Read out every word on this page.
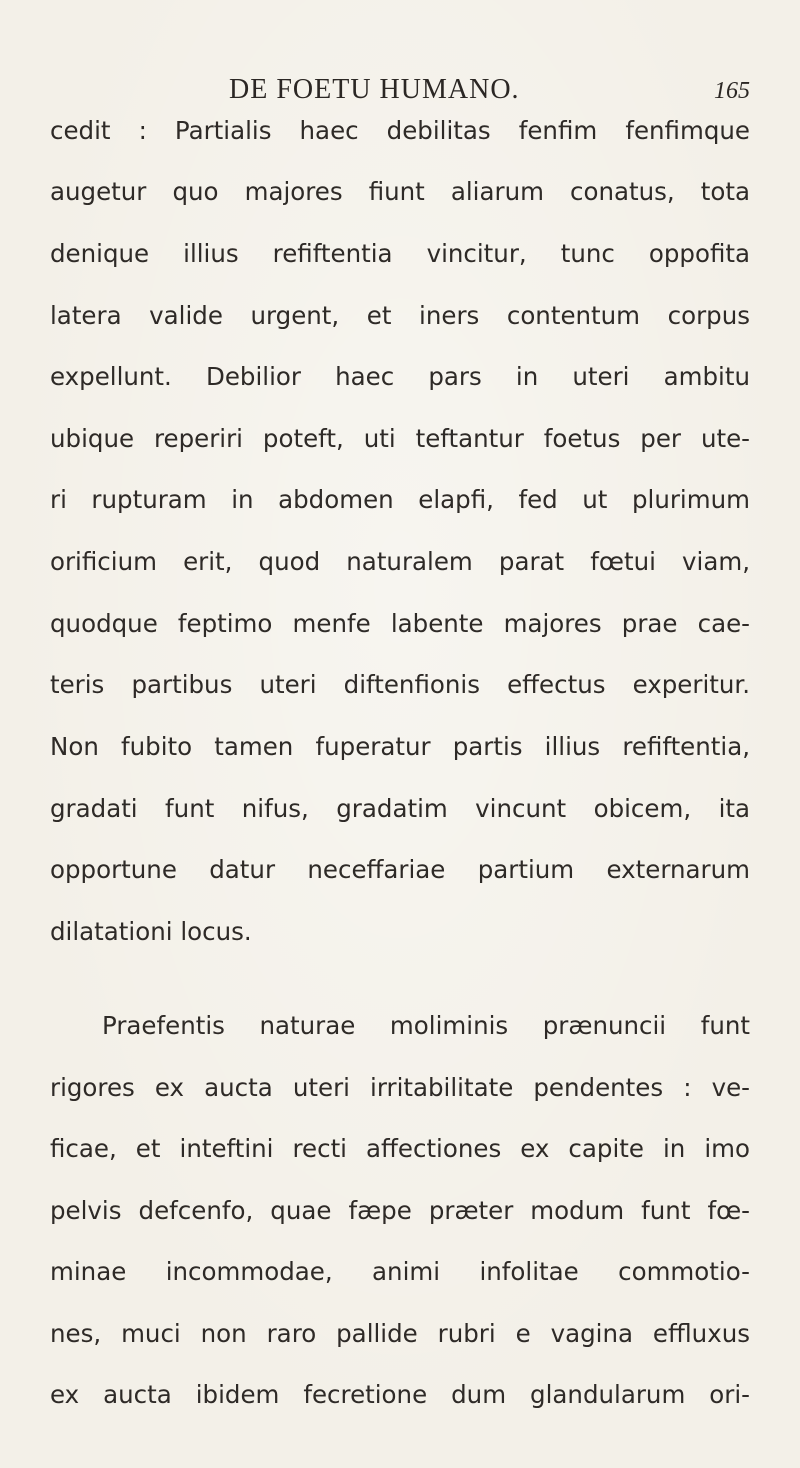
DE FOETU HUMANO.	165
cedit : Partialis haec debilitas fenfim fenfimque
augetur quo majores fiunt aliarum conatus, tota
denique illius refiftentia vincitur, tunc oppofita
latera valide urgent, et iners contentum corpus
expellunt. Debilior haec pars in uteri ambitu
ubique reperiri poteft, uti teftantur foetus per ute-
ri rupturam in abdomen elapfi, fed ut plurimum
orificium erit, quod naturalem parat fœtui viam,
quodque feptimo menfe labente majores prae cae-
teris partibus uteri diftenfionis effectus experitur.
Non fubito tamen fuperatur partis illius refiftentia,
gradati funt nifus, gradatim vincunt obicem, ita
opportune datur neceffariae partium externarum
dilatationi locus.
Praefentis naturae moliminis prænuncii funt
rigores ex aucta uteri irritabilitate pendentes : ve-
ficae, et inteftini recti affectiones ex capite in imo
pelvis defcenfo, quae fæpe præter modum funt fœ-
minae incommodae, animi infolitae commotio-
nes, muci non raro pallide rubri e vagina effluxus
ex aucta ibidem fecretione dum glandularum ori-
